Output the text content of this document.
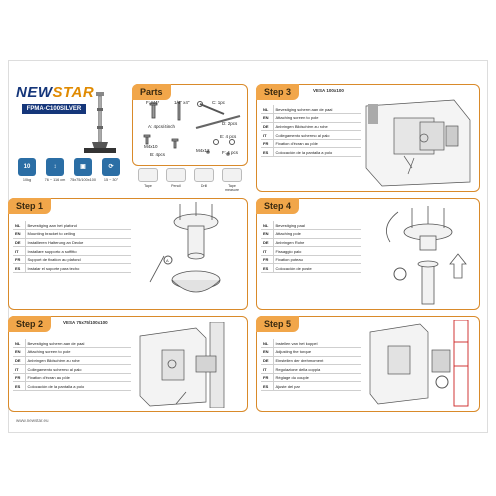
NEWSTAR
FPMA-C100SILVER
10
10kg
↕
76 ~ 116 cm
▣
75x75/100x100
⟳
15 ~ 30°
Parts
F: M4*	1/4" x4"	C: 1pc
A: 4pcs/4inch
D: 2pcs
M4x10
B: 4pcs
E: 4 pcs
M4x12	F: 4 pcs
Tape	Pencil	Drill	Tape measure
Step 3	VESA 100x100
NL	Bevestiging scherm aan de paal
EN	Attaching screen to pole
DE	Anbringen Bildschirm zu rohe
IT	Collegamento schermo al palo
FR	Fixation d'écran au pôle
ES	Colocación de la pantalla a polo
Step 1
NL	Bevestiging aan het plafond
EN	Mounting bracket to ceiling
DE	Installieren Halterung an Decke
IT	Installare supporto a soffitto
FR	Support de fixation au plafond
ES	Instalar el soporte para techo
A
Step 4
NL	Bevestiging paal
EN	Attaching pole
DE	Anbringen Rohe
IT	Fissaggio palo
FR	Fixation poteau
ES	Colocación de poste
Step 2	VESA 75x75/100x100
NL	Bevestiging scherm aan de paal
EN	Attaching screen to pole
DE	Anbringen Bildschirm zu rohe
IT	Collegamento schermo al palo
FR	Fixation d'écran au pôle
ES	Colocación de la pantalla a polo
Step 5
NL	Instellen van het koppel
EN	Adjusting the torque
DE	Einstellen der drehmoment
IT	Regolazione della coppia
FR	Réglage du couple
ES	Ajuste del par
www.newstar.eu
